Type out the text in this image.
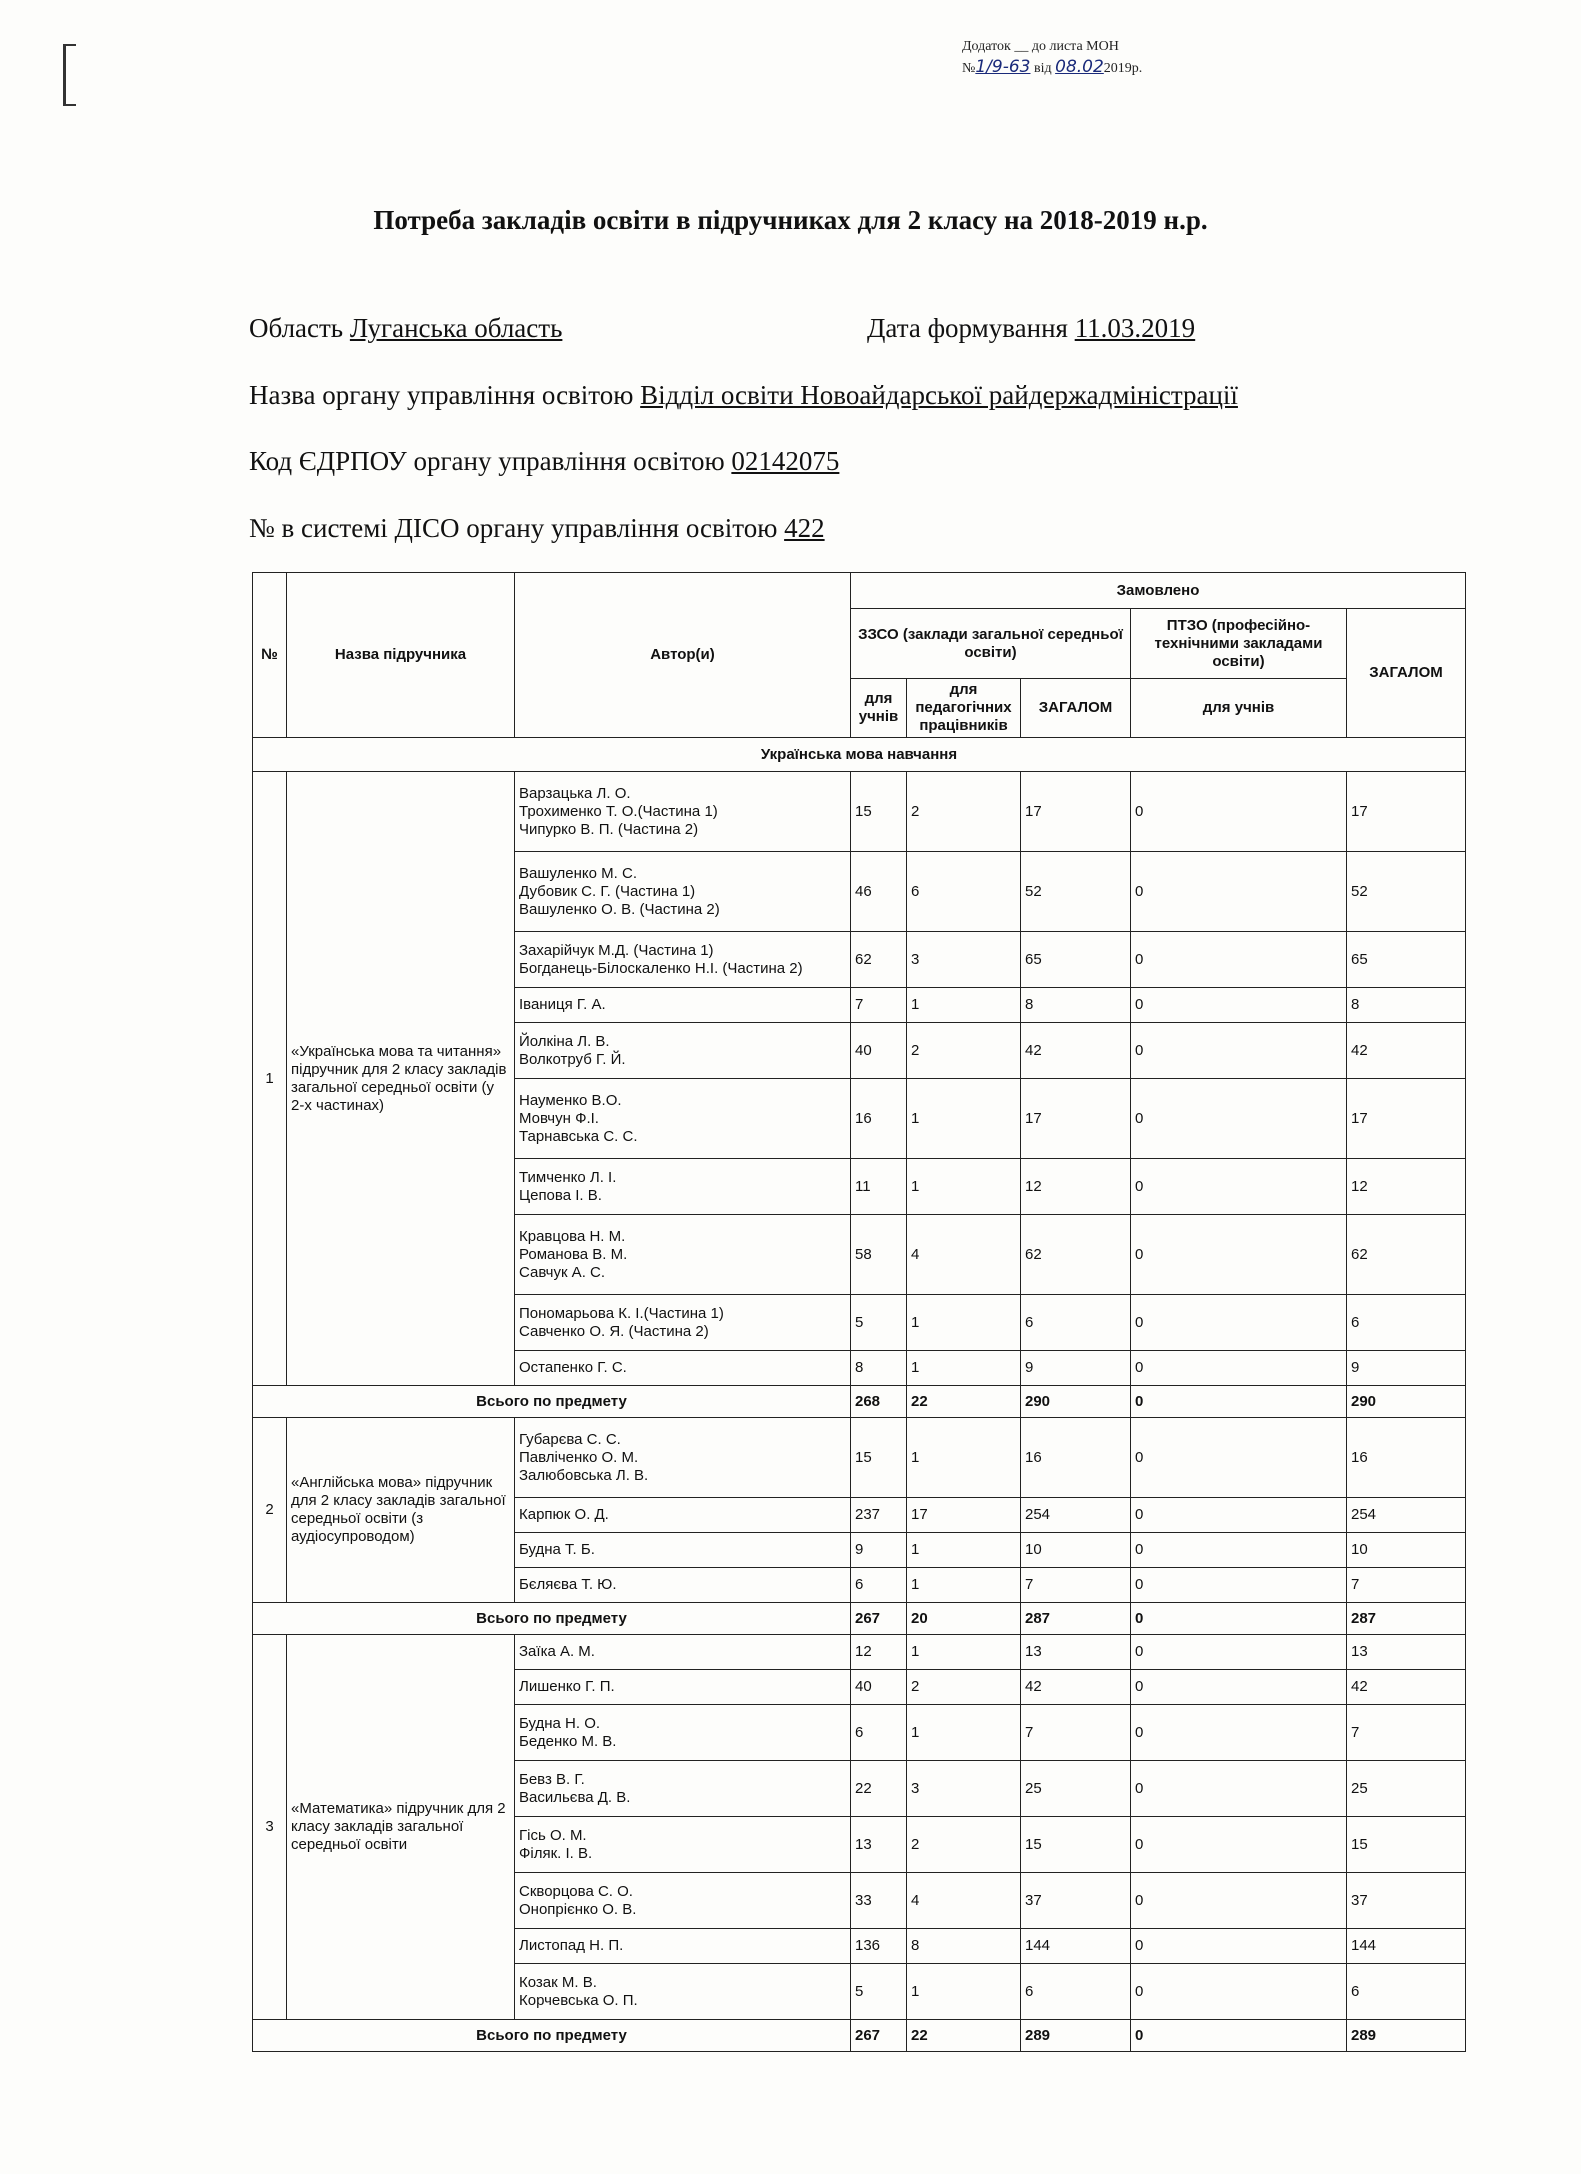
Додаток __ до листа МОН
№1/9-63 від 08.022019р.
Потреба закладів освіти в підручниках для 2 класу на 2018-2019 н.р.
Область Луганська область	Дата формування 11.03.2019
Назва органу управління освітою Відділ освіти Новоайдарської райдержадміністрації
Код ЄДРПОУ органу управління освітою 02142075
№ в системі ДІСО органу управління освітою 422
№	Назва підручника	Автор(и)	Замовлено				
			ЗЗСО (заклади загальної середньої освіти)			ПТЗО (професійно-технічними закладами освіти)	ЗАГАЛОМ
			для учнів	для педагогічних працівників	ЗАГАЛОМ	для учнів	
Українська мова навчання							
1	«Українська мова та читання» підручник для 2 класу закладів загальної середньої освіти (у 2-х частинах)	Варзацька Л. О.
Трохименко Т. О.(Частина 1)
Чипурко В. П. (Частина 2)	15	2	17	0	17

		Вашуленко М. С.
Дубовик С. Г. (Частина 1)
Вашуленко О. В. (Частина 2)	46	6	52	0	52

		Захарійчук М.Д. (Частина 1)
Богданець-Білоскаленко Н.І. (Частина 2)	62	3	65	0	65

		Іваниця Г. А.	7	1	8	0	8

		Йолкіна Л. В.
Волкотруб Г. Й.	40	2	42	0	42

		Науменко В.О.
Мовчун Ф.І.
Тарнавська С. С.	16	1	17	0	17

		Тимченко Л. І.
Цепова І. В.	11	1	12	0	12

		Кравцова Н. М.
Романова В. М.
Савчук А. С.	58	4	62	0	62

		Пономарьова К. І.(Частина 1)
Савченко О. Я. (Частина 2)	5	1	6	0	6

		Остапенко Г. С.	8	1	9	0	9
Всього по предмету			268	22	290	0	290
2	«Англійська мова» підручник для 2 класу закладів загальної середньої освіти (з аудіосупроводом)	Губарєва С. С.
Павліченко О. М.
Залюбовська Л. В.	15	1	16	0	16

		Карпюк О. Д.	237	17	254	0	254

		Будна Т. Б.	9	1	10	0	10

		Бєляєва Т. Ю.	6	1	7	0	7
Всього по предмету			267	20	287	0	287
3	«Математика» підручник для 2 класу закладів загальної середньої освіти	Заїка А. М.	12	1	13	0	13

		Лишенко Г. П.	40	2	42	0	42

		Будна Н. О.
Беденко М. В.	6	1	7	0	7

		Бевз В. Г.
Васильєва Д. В.	22	3	25	0	25

		Гісь О. М.
Філяк. І. В.	13	2	15	0	15

		Скворцова С. О.
Онопрієнко О. В.	33	4	37	0	37

		Листопад Н. П.	136	8	144	0	144

		Козак М. В.
Корчевська О. П.	5	1	6	0	6
Всього по предмету			267	22	289	0	289
